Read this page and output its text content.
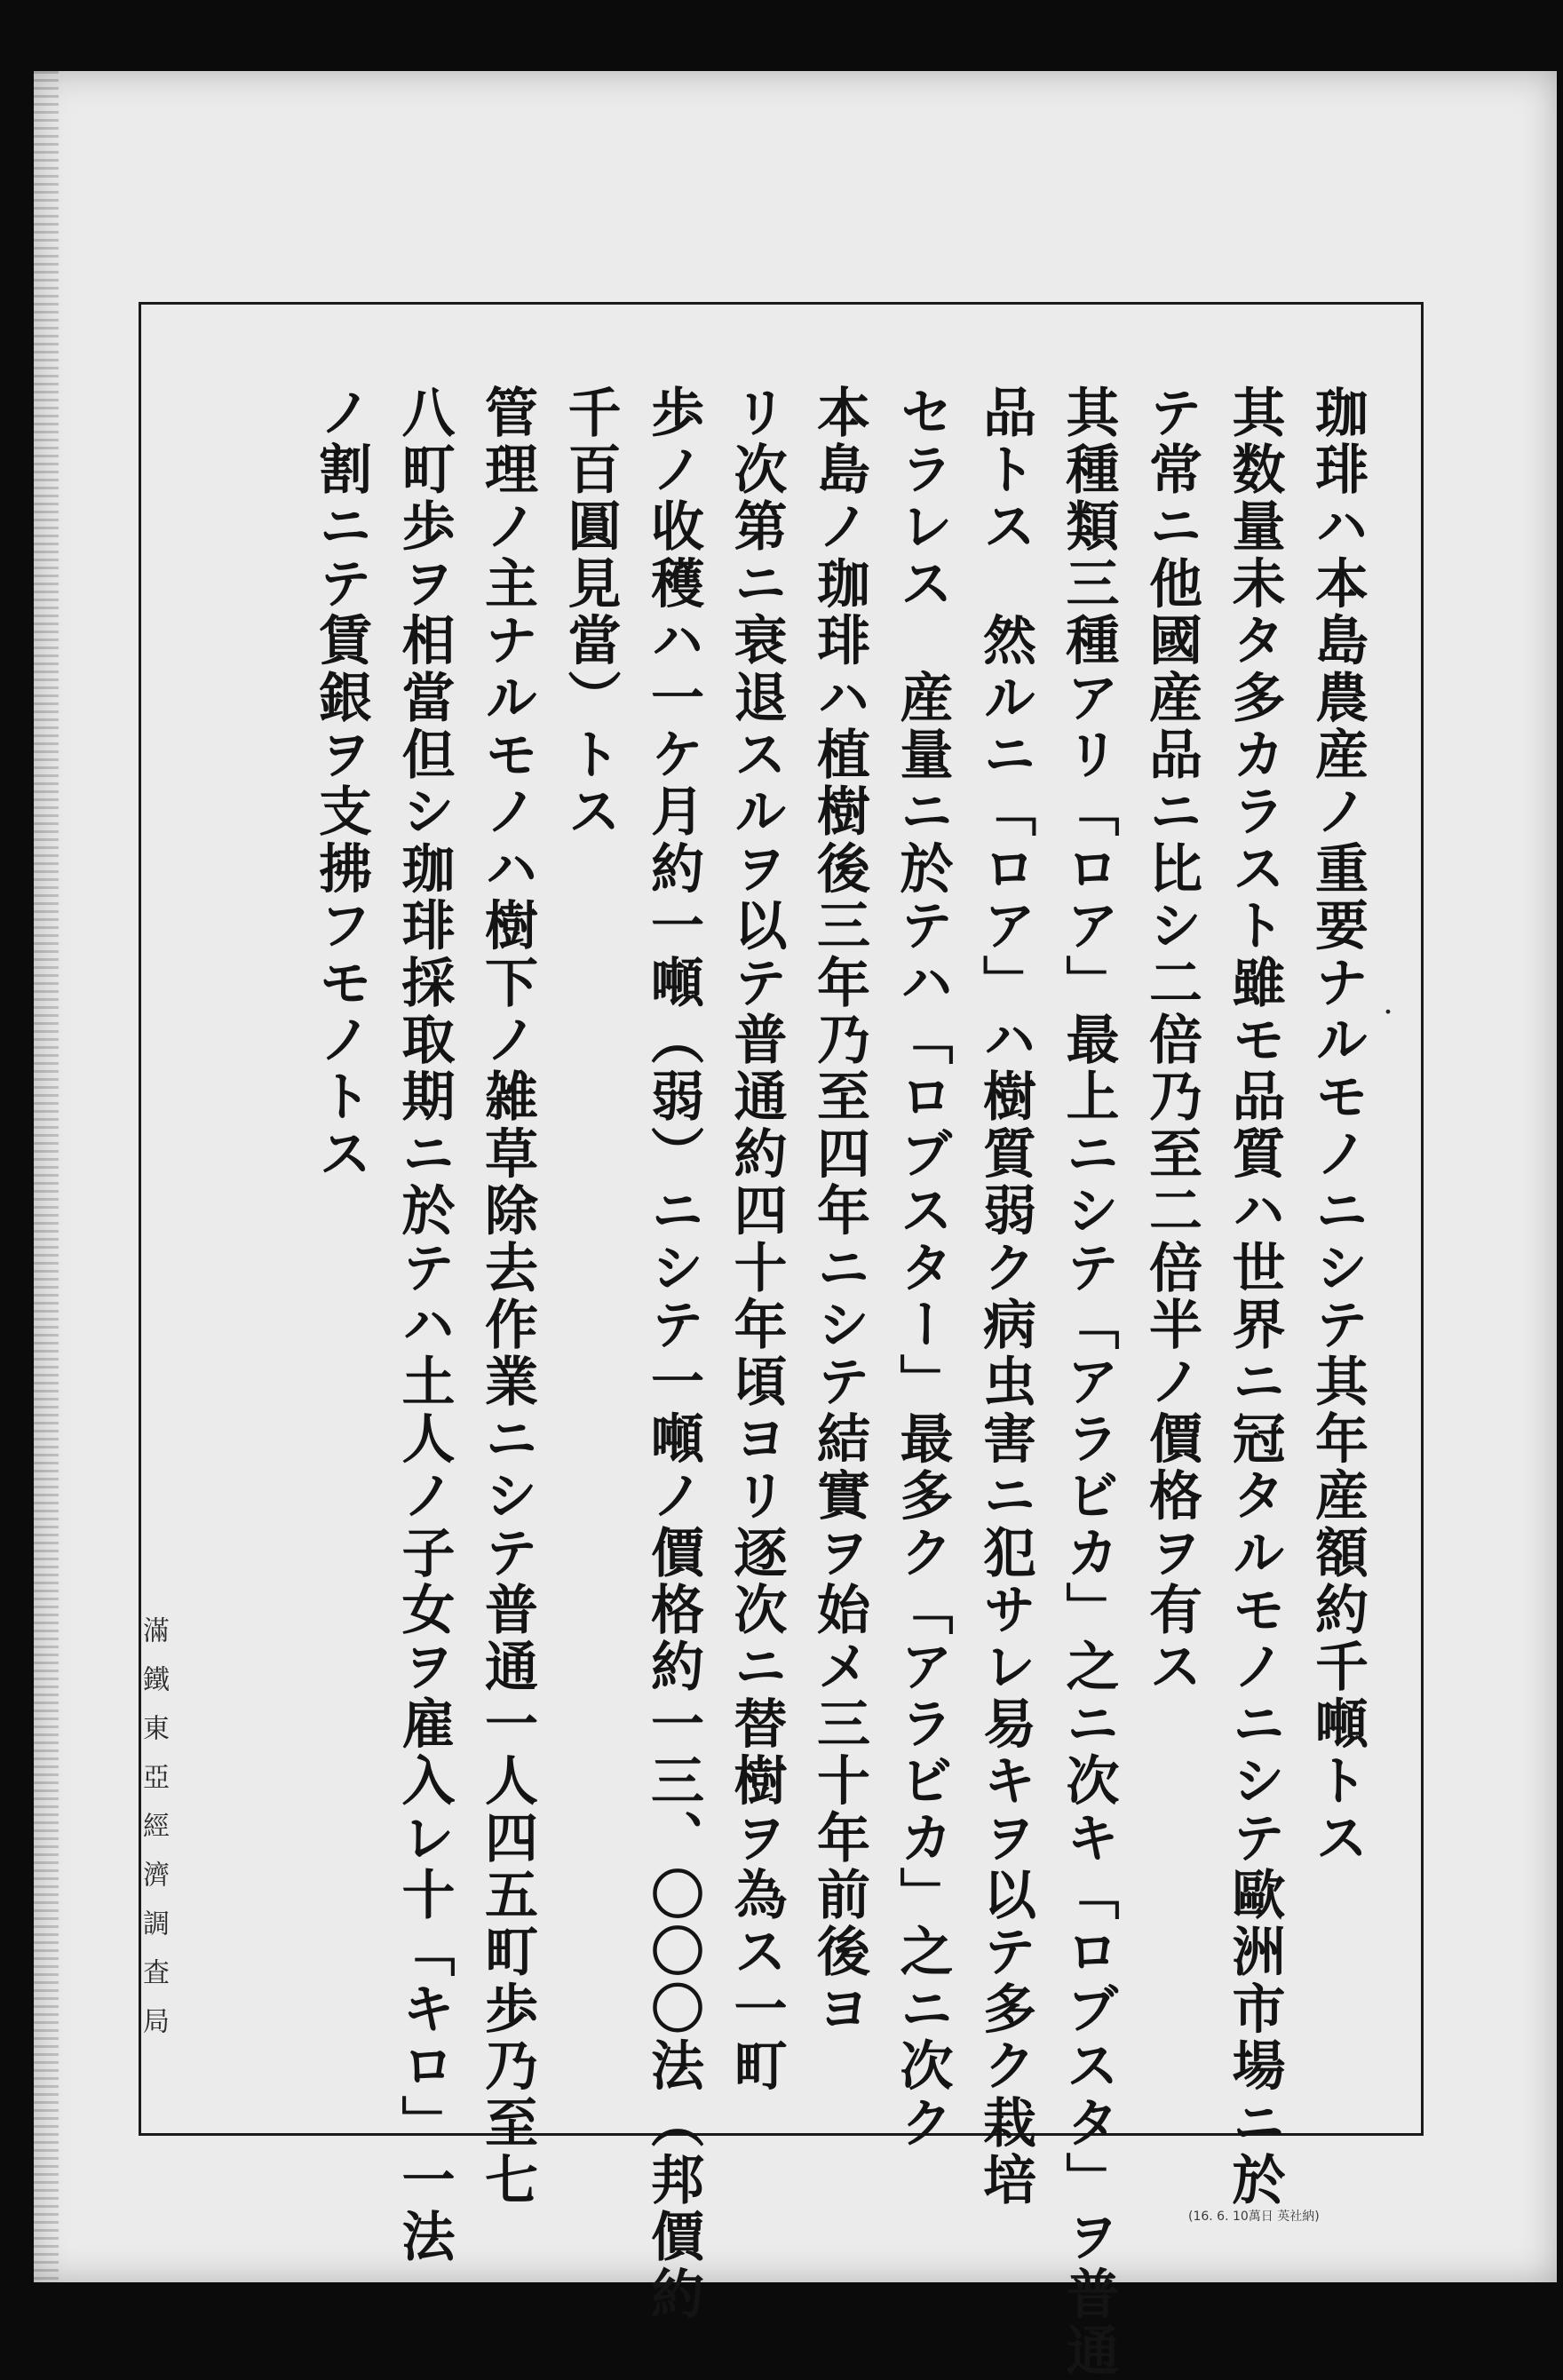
珈琲ハ本島農産ノ重要ナルモノニシテ其年産額約千噸トス
其数量未タ多カラスト雖モ品質ハ世界ニ冠タルモノニシテ歐洲市場ニ於
テ常ニ他國産品ニ比シ二倍乃至二倍半ノ價格ヲ有ス
其種類三種アリ「ロア」最上ニシテ「アラビカ」之ニ次キ「ロブスタ」ヲ普通
品トス　然ルニ「ロア」ハ樹質弱ク病虫害ニ犯サレ易キヲ以テ多ク栽培
セラレス　産量ニ於テハ「ロブスター」最多ク「アラビカ」之ニ次ク
本島ノ珈琲ハ植樹後三年乃至四年ニシテ結實ヲ始メ三十年前後ヨ
リ次第ニ衰退スルヲ以テ普通約四十年頃ヨリ逐次ニ替樹ヲ為ス一町
歩ノ收穫ハ一ケ月約一噸（弱）ニシテ一噸ノ價格約一三、〇〇〇法（邦價約
千百圓見當）トス
管理ノ主ナルモノハ樹下ノ雑草除去作業ニシテ普通一人四五町歩乃至七
八町歩ヲ相當但シ珈琲採取期ニ於テハ土人ノ子女ヲ雇入レ十「キロ」一法
ノ割ニテ賃銀ヲ支拂フモノトス	・
滿鐵東亞經濟調査局
(16. 6. 10萬日 英社納)
